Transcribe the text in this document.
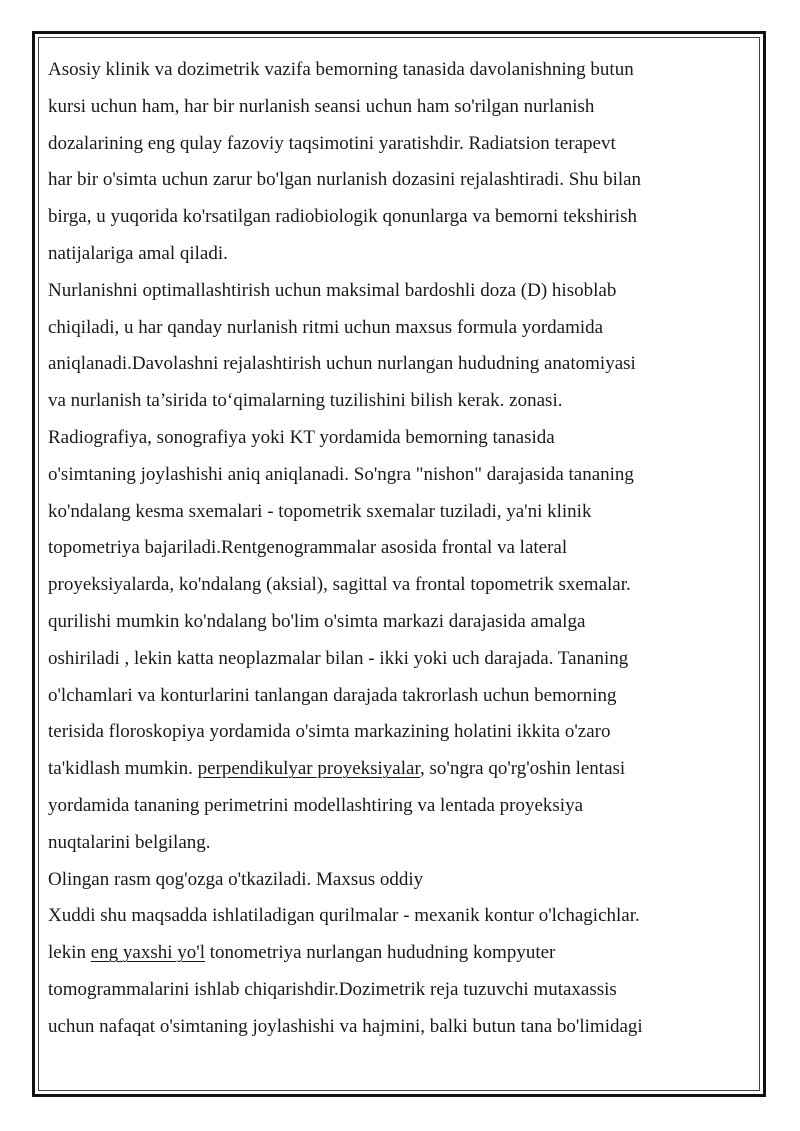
Asosiy klinik va dozimetrik vazifa bemorning tanasida davolanishning butun
kursi uchun ham, har bir nurlanish seansi uchun ham so'rilgan nurlanish
dozalarining eng qulay fazoviy taqsimotini yaratishdir. Radiatsion terapevt
har bir o'simta uchun zarur bo'lgan nurlanish dozasini rejalashtiradi. Shu bilan
birga, u yuqorida ko'rsatilgan radiobiologik qonunlarga va bemorni tekshirish
natijalariga amal qiladi.
Nurlanishni optimallashtirish uchun maksimal bardoshli doza (D) hisoblab
chiqiladi, u har qanday nurlanish ritmi uchun maxsus formula yordamida
aniqlanadi.Davolashni rejalashtirish uchun nurlangan hududning anatomiyasi
va nurlanish ta’sirida to‘qimalarning tuzilishini bilish kerak. zonasi.
Radiografiya, sonografiya yoki KT yordamida bemorning tanasida
o'simtaning joylashishi aniq aniqlanadi. So'ngra "nishon" darajasida tananing
ko'ndalang kesma sxemalari - topometrik sxemalar tuziladi, ya'ni klinik
topometriya bajariladi.Rentgenogrammalar asosida frontal va lateral
proyeksiyalarda, ko'ndalang (aksial), sagittal va frontal topometrik sxemalar.
qurilishi mumkin ko'ndalang bo'lim o'simta markazi darajasida amalga
oshiriladi , lekin katta neoplazmalar bilan - ikki yoki uch darajada. Tananing
o'lchamlari va konturlarini tanlangan darajada takrorlash uchun bemorning
terisida floroskopiya yordamida o'simta markazining holatini ikkita o'zaro
ta'kidlash mumkin. perpendikulyar proyeksiyalar, so'ngra qo'rg'oshin lentasi
yordamida tananing perimetrini modellashtiring va lentada proyeksiya
nuqtalarini belgilang.
Olingan rasm qog'ozga o'tkaziladi. Maxsus oddiy
Xuddi shu maqsadda ishlatiladigan qurilmalar - mexanik kontur o'lchagichlar.
lekin eng yaxshi yo'l tonometriya nurlangan hududning kompyuter
tomogrammalarini ishlab chiqarishdir.Dozimetrik reja tuzuvchi mutaxassis
uchun nafaqat o'simtaning joylashishi va hajmini, balki butun tana bo'limidagi
